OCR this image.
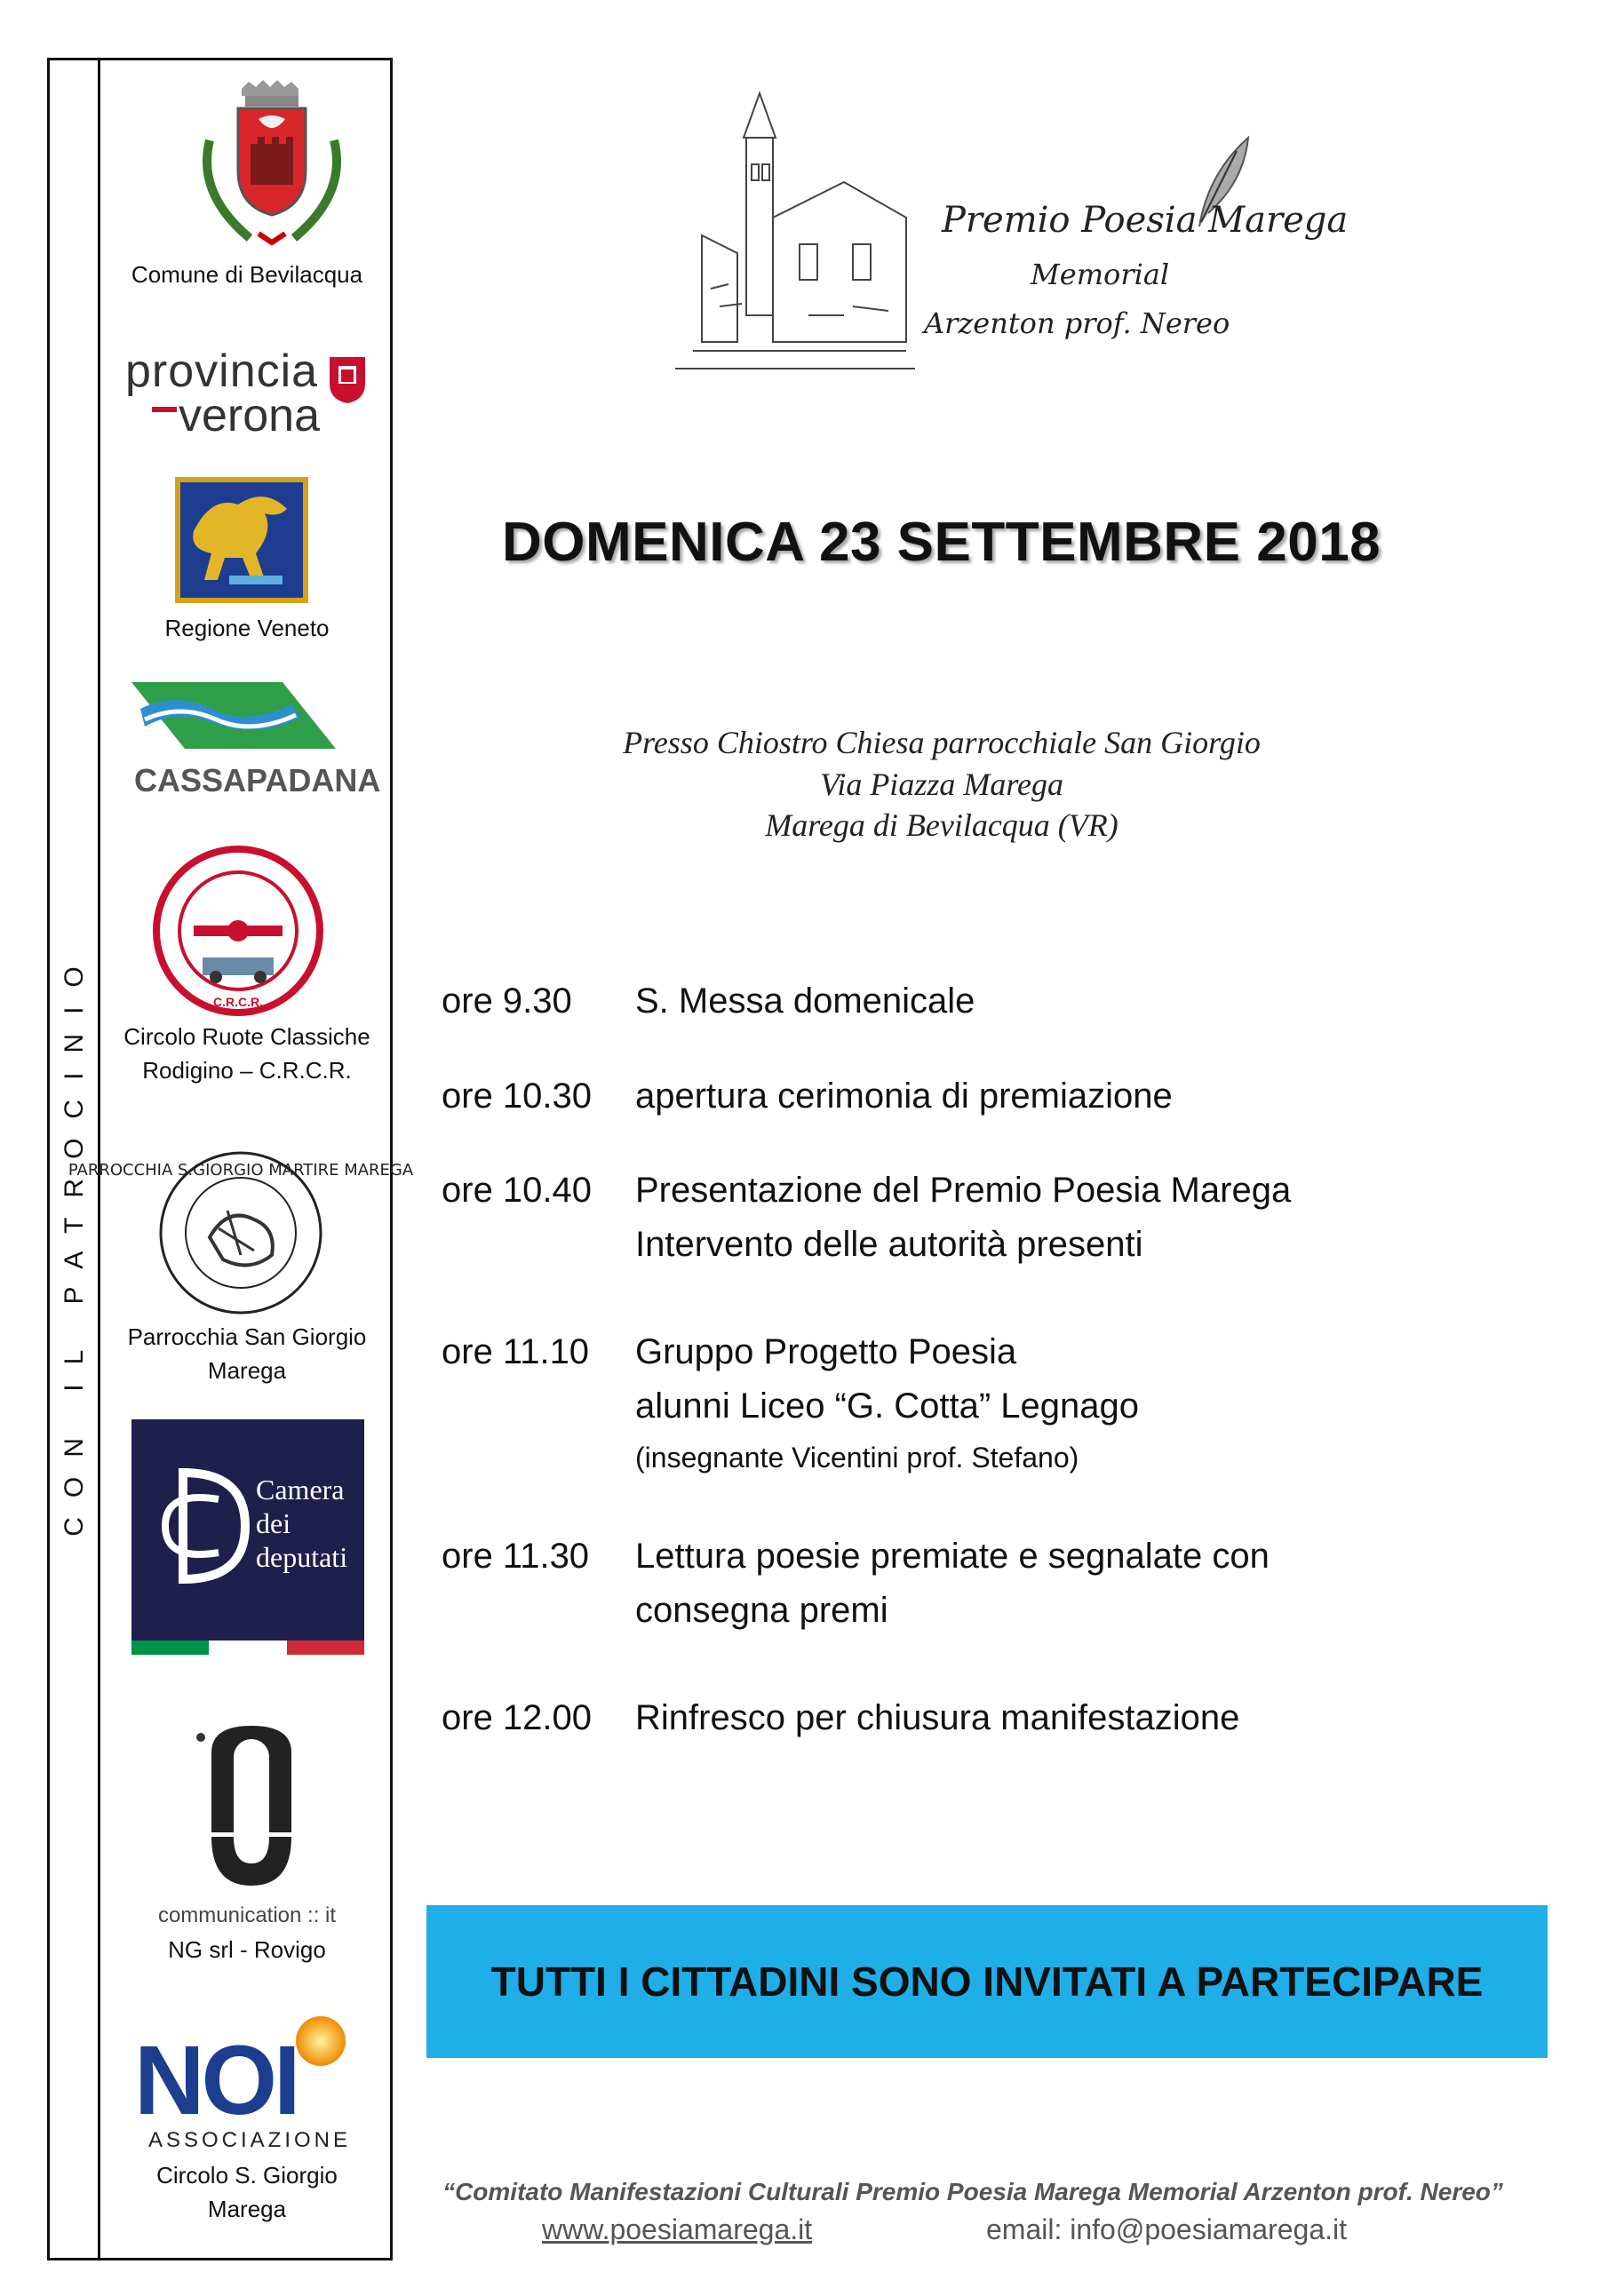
CON IL PATROCINIO
Comune di Bevilacqua
provincia
verona
Regione Veneto
CASSAPADANA
C.R.C.R.
Circolo Ruote Classiche
Rodigino – C.R.C.R.
PARROCCHIA S.GIORGIO MARTIRE MAREGA
Parrocchia San Giorgio
Marega
Camera
dei
deputati
communication :: it
NG srl - Rovigo
NOI
ASSOCIAZIONE
Circolo S. Giorgio
Marega
Premio Poesia Marega
Memorial
Arzenton prof. Nereo
DOMENICA 23 SETTEMBRE 2018
Presso Chiostro Chiesa parrocchiale San Giorgio
Via Piazza Marega
Marega di Bevilacqua (VR)
ore 9.30 S. Messa domenicale
ore 10.30 apertura cerimonia di premiazione
ore 10.40 Presentazione del Premio Poesia Marega
Intervento delle autorità presenti
ore 11.10 Gruppo Progetto Poesia
alunni Liceo “G. Cotta” Legnago
(insegnante Vicentini prof. Stefano)
ore 11.30 Lettura poesie premiate e segnalate con
consegna premi
ore 12.00 Rinfresco per chiusura manifestazione
TUTTI I CITTADINI SONO INVITATI A PARTECIPARE
“Comitato Manifestazioni Culturali Premio Poesia Marega Memorial Arzenton prof. Nereo”
www.poesiamarega.it	email: info@poesiamarega.it
